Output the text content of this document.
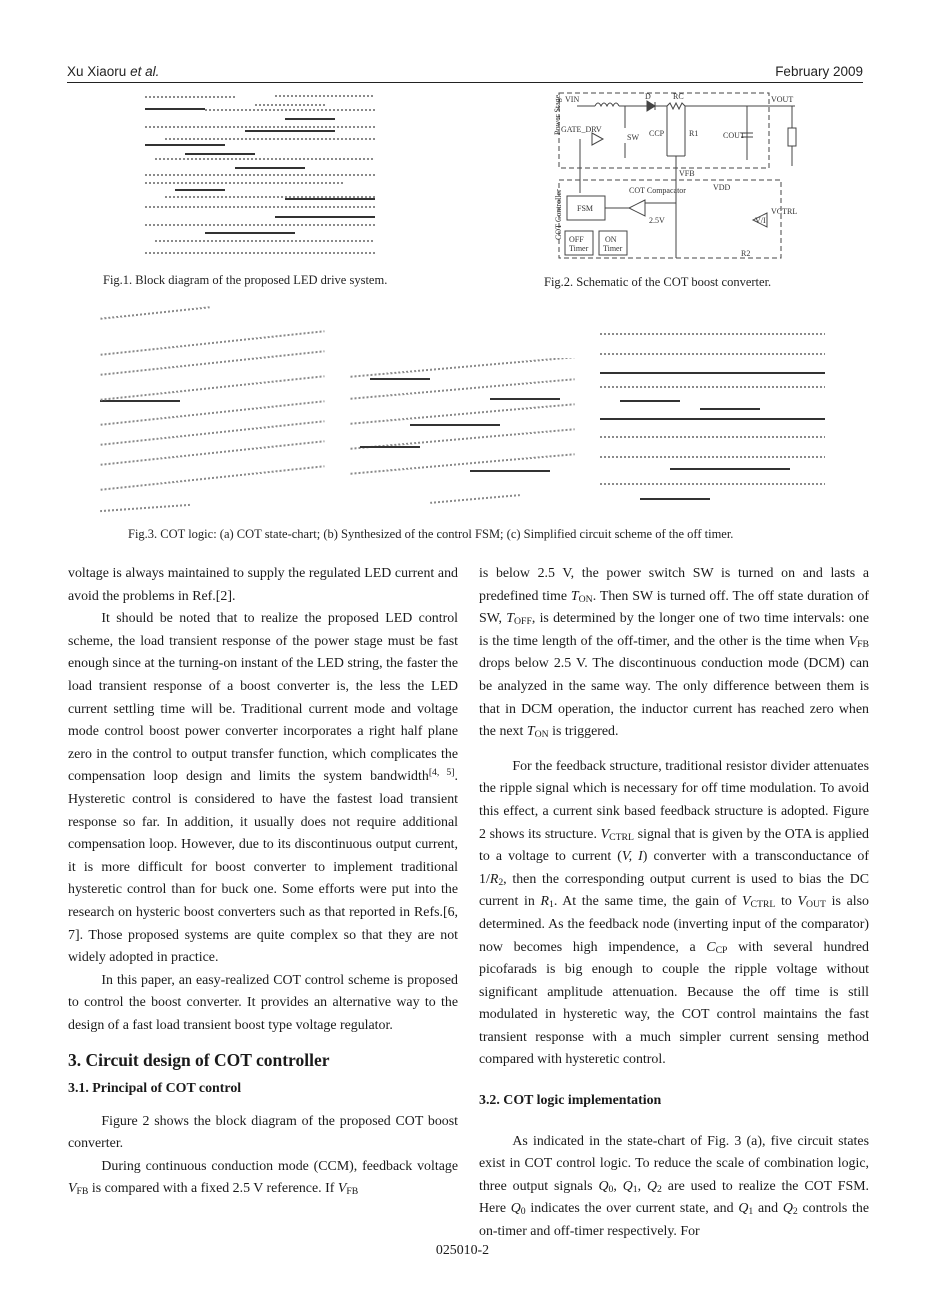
Xu Xiaoru et al.	February 2009
Fig.1. Block diagram of the proposed LED drive system.
Power Stage
COT Controller
VIN	D	RC	VOUT
GATE_DRV
SW CCP	R1	COUT
VFB
COT Compacator
FSM
2.5V
OFF
Timer
ON
Timer
VDD
V/I
VCTRL
R2
Fig.2. Schematic of the COT boost converter.
Fig.3. COT logic: (a) COT state-chart; (b) Synthesized of the control FSM; (c) Simplified circuit scheme of the off timer.

voltage is always maintained to supply the regulated LED current and avoid the problems in Ref.[2].

It should be noted that to realize the proposed LED control scheme, the load transient response of the power stage must be fast enough since at the turning-on instant of the LED string, the faster the load transient response of a boost converter is, the less the LED current settling time will be. Traditional current mode and voltage mode control boost power converter incorporates a right half plane zero in the control to output transfer function, which complicates the compensation loop design and limits the system bandwidth[4, 5]. Hysteretic control is considered to have the fastest load transient response so far. In addition, it usually does not require additional compensation loop. However, due to its discontinuous output current, it is more difficult for boost converter to implement traditional hysteretic control than for buck one. Some efforts were put into the research on hysteric boost converters such as that reported in Refs.[6, 7]. Those proposed systems are quite complex so that they are not widely adopted in practice.

In this paper, an easy-realized COT control scheme is proposed to control the boost converter. It provides an alternative way to the design of a fast load transient boost type voltage regulator.

3. Circuit design of COT controller
3.1. Principal of COT control

Figure 2 shows the block diagram of the proposed COT boost converter.

During continuous conduction mode (CCM), feedback voltage $V_{FB}$ is compared with a fixed 2.5 V reference. If $V_{FB}$

is below 2.5 V, the power switch SW is turned on and lasts a predefined time $T_{ON}$. Then SW is turned off. The off state duration of SW, $T_{OFF}$, is determined by the longer one of two time intervals: one is the time length of the off-timer, and the other is the time when $V_{FB}$ drops below 2.5 V. The discontinuous conduction mode (DCM) can be analyzed in the same way. The only difference between them is that in DCM operation, the inductor current has reached zero when the next $T_{ON}$ is triggered.

For the feedback structure, traditional resistor divider attenuates the ripple signal which is necessary for off time modulation. To avoid this effect, a current sink based feedback structure is adopted. Figure 2 shows its structure. $V_{CTRL}$ signal that is given by the OTA is applied to a voltage to current (V, I) converter with a transconductance of $1/R_2$, then the corresponding output current is used to bias the DC current in $R_1$. At the same time, the gain of $V_{CTRL}$ to $V_{OUT}$ is also determined. As the feedback node (inverting input of the comparator) now becomes high impendence, a $C_{CP}$ with several hundred picofarads is big enough to couple the ripple voltage without significant amplitude attenuation. Because the off time is still modulated in hysteretic way, the COT control maintains the fast transient response with a much simpler current sensing method compared with hysteretic control.

3.2. COT logic implementation

As indicated in the state-chart of Fig. 3 (a), five circuit states exist in COT control logic. To reduce the scale of combination logic, three output signals $Q_0$, $Q_1$, $Q_2$ are used to realize the COT FSM. Here $Q_0$ indicates the over current state, and $Q_1$ and $Q_2$ controls the on-timer and off-timer respectively. For

025010-2
